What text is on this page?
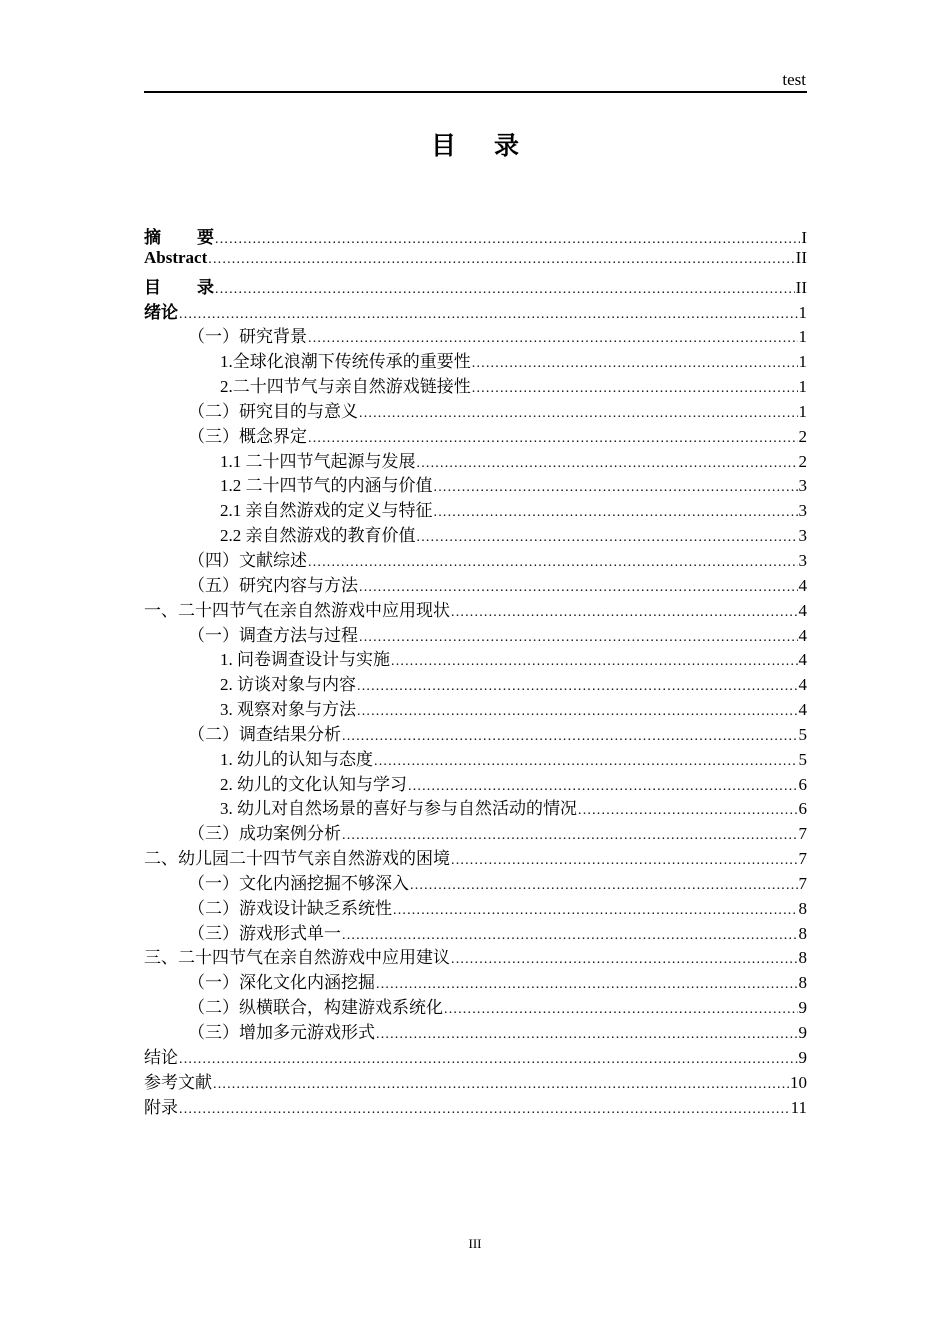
test
目录
摘要 .....	I
Abstract .....	II
目录 .....	II
绪论 .....	1
（一）研究背景 .....	1
1.全球化浪潮下传统传承的重要性 .....	1
2.二十四节气与亲自然游戏链接性 .....	1
（二）研究目的与意义 .....	1
（三）概念界定 .....	2
1.1 二十四节气起源与发展 .....	2
1.2 二十四节气的内涵与价值 .....	3
2.1 亲自然游戏的定义与特征 .....	3
2.2 亲自然游戏的教育价值 .....	3
（四）文献综述 .....	3
（五）研究内容与方法 .....	4
一、二十四节气在亲自然游戏中应用现状 .....	4
（一）调查方法与过程 .....	4
1. 问卷调查设计与实施 .....	4
2. 访谈对象与内容 .....	4
3. 观察对象与方法 .....	4
（二）调查结果分析 .....	5
1. 幼儿的认知与态度 .....	5
2. 幼儿的文化认知与学习 .....	6
3. 幼儿对自然场景的喜好与参与自然活动的情况 .....	6
（三）成功案例分析 .....	7
二、幼儿园二十四节气亲自然游戏的困境 .....	7
（一）文化内涵挖掘不够深入 .....	7
（二）游戏设计缺乏系统性 .....	8
（三）游戏形式单一 .....	8
三、二十四节气在亲自然游戏中应用建议 .....	8
（一）深化文化内涵挖掘 .....	8
（二）纵横联合，构建游戏系统化 .....	9
（三）增加多元游戏形式 .....	9
结论 .....	9
参考文献 .....	10
附录 .....	11
III
